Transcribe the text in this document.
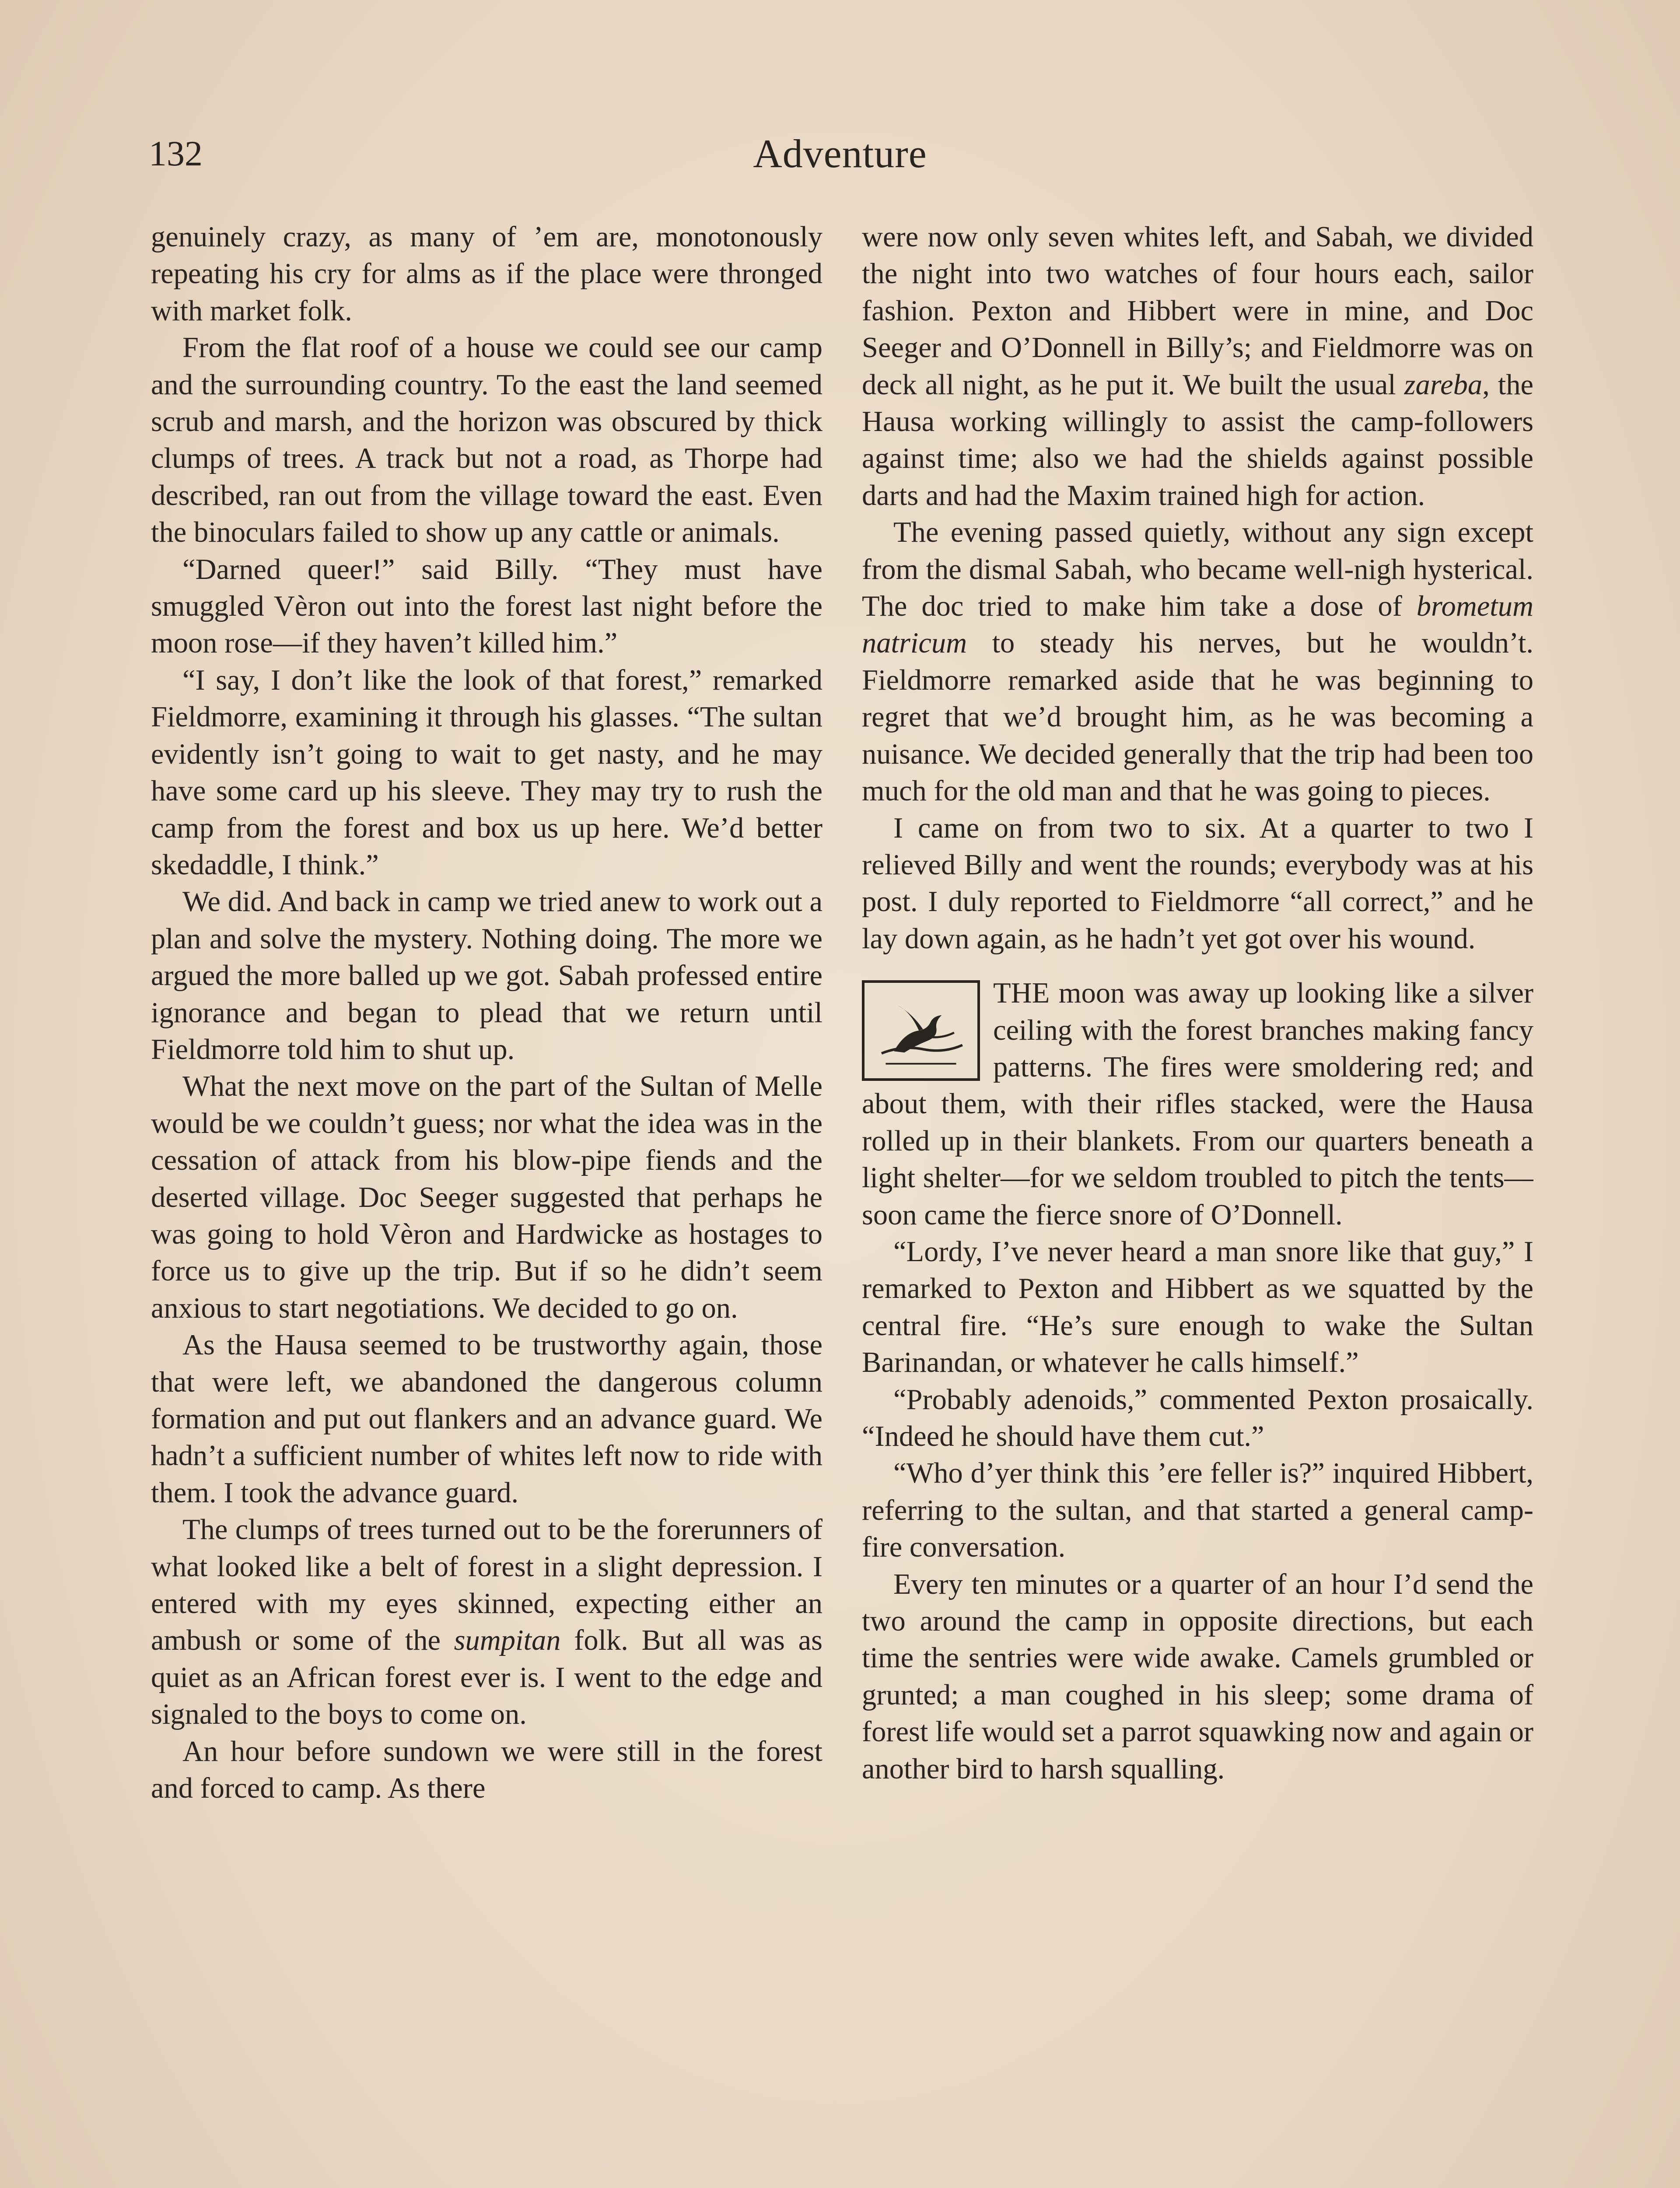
132	Adventure

genuinely crazy, as many of ’em are, monotonously repeating his cry for alms as if the place were thronged with market folk.

From the flat roof of a house we could see our camp and the surrounding country. To the east the land seemed scrub and marsh, and the horizon was obscured by thick clumps of trees. A track but not a road, as Thorpe had described, ran out from the village toward the east. Even the binoculars failed to show up any cattle or animals.

“Darned queer!” said Billy. “They must have smuggled Vèron out into the forest last night before the moon rose—if they haven’t killed him.”

“I say, I don’t like the look of that forest,” remarked Fieldmorre, examining it through his glasses. “The sultan evidently isn’t going to wait to get nasty, and he may have some card up his sleeve. They may try to rush the camp from the forest and box us up here. We’d better skedaddle, I think.”

We did. And back in camp we tried anew to work out a plan and solve the mystery. Nothing doing. The more we argued the more balled up we got. Sabah professed entire ignorance and began to plead that we return until Fieldmorre told him to shut up.

What the next move on the part of the Sultan of Melle would be we couldn’t guess; nor what the idea was in the cessation of attack from his blow-pipe fiends and the deserted village. Doc Seeger suggested that perhaps he was going to hold Vèron and Hardwicke as hostages to force us to give up the trip. But if so he didn’t seem anxious to start negotiations. We decided to go on.

As the Hausa seemed to be trustworthy again, those that were left, we abandoned the dangerous column formation and put out flankers and an advance guard. We hadn’t a sufficient number of whites left now to ride with them. I took the advance guard.

The clumps of trees turned out to be the forerunners of what looked like a belt of forest in a slight depression. I entered with my eyes skinned, expecting either an ambush or some of the sumpitan folk. But all was as quiet as an African forest ever is. I went to the edge and signaled to the boys to come on.

An hour before sundown we were still in the forest and forced to camp. As there

were now only seven whites left, and Sabah, we divided the night into two watches of four hours each, sailor fashion. Pexton and Hibbert were in mine, and Doc Seeger and O’Donnell in Billy’s; and Fieldmorre was on deck all night, as he put it. We built the usual zareba, the Hausa working willingly to assist the camp-followers against time; also we had the shields against possible darts and had the Maxim trained high for action.

The evening passed quietly, without any sign except from the dismal Sabah, who became well-nigh hysterical. The doc tried to make him take a dose of brometum natricum to steady his nerves, but he wouldn’t. Fieldmorre remarked aside that he was beginning to regret that we’d brought him, as he was becoming a nuisance. We decided generally that the trip had been too much for the old man and that he was going to pieces.

I came on from two to six. At a quarter to two I relieved Billy and went the rounds; everybody was at his post. I duly reported to Fieldmorre “all correct,” and he lay down again, as he hadn’t yet got over his wound.

THE moon was away up looking like a silver ceiling with the forest branches making fancy patterns. The fires were smoldering red; and about them, with their rifles stacked, were the Hausa rolled up in their blankets. From our quarters beneath a light shelter—for we seldom troubled to pitch the tents—soon came the fierce snore of O’Donnell.

“Lordy, I’ve never heard a man snore like that guy,” I remarked to Pexton and Hibbert as we squatted by the central fire. “He’s sure enough to wake the Sultan Barinandan, or whatever he calls himself.”

“Probably adenoids,” commented Pexton prosaically. “Indeed he should have them cut.”

“Who d’yer think this ’ere feller is?” inquired Hibbert, referring to the sultan, and that started a general camp-fire conversation.

Every ten minutes or a quarter of an hour I’d send the two around the camp in opposite directions, but each time the sentries were wide awake. Camels grumbled or grunted; a man coughed in his sleep; some drama of forest life would set a parrot squawking now and again or another bird to harsh squalling.
